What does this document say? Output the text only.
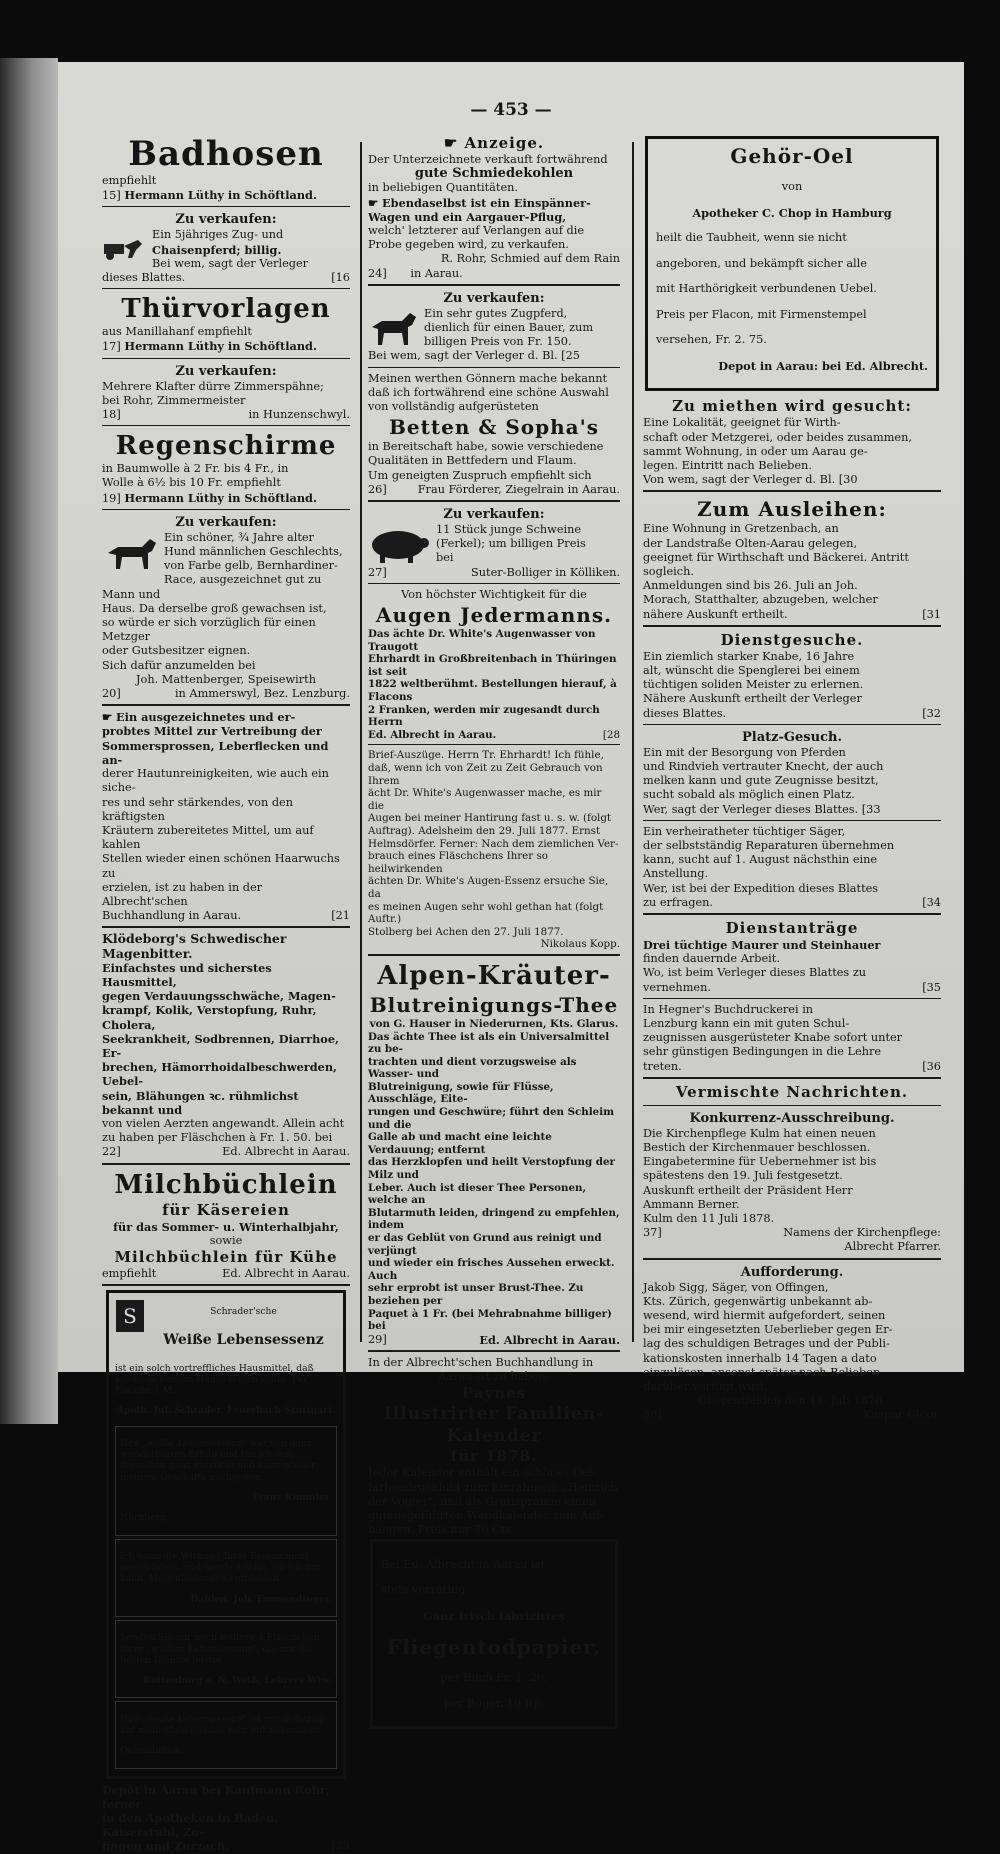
— 453 —
Badhosen

empfiehlt

15] Hermann Lüthy in Schöftland.

Zu verkaufen:

Ein 5jähriges Zug- und

Chaisenpferd; billig.

Bei wem, sagt der Verleger

dieses Blattes.	[16

Thürvorlagen

aus Manillahanf empfiehlt

17] Hermann Lüthy in Schöftland.

Zu verkaufen:

Mehrere Klafter dürre Zimmerspähne;

bei Rohr, Zimmermeister

18]	in Hunzenschwyl.

Regenschirme

in Baumwolle à 2 Fr. bis 4 Fr., in

Wolle à 6½ bis 10 Fr. empfiehlt

19] Hermann Lüthy in Schöftland.

Zu verkaufen:

Ein schöner, ¾ Jahre alter

Hund männlichen Geschlechts,

von Farbe gelb, Bernhardiner-

Race, ausgezeichnet gut zu Mann und

Haus. Da derselbe groß gewachsen ist,

so würde er sich vorzüglich für einen Metzger

oder Gutsbesitzer eignen.

Sich dafür anzumelden bei

Joh. Mattenberger, Speisewirth

20]	in Ammerswyl, Bez. Lenzburg.

☛ Ein ausgezeichnetes und er-

probtes Mittel zur Vertreibung der

Sommersprossen, Leberflecken und an-

derer Hautunreinigkeiten, wie auch ein siche-

res und sehr stärkendes, von den kräftigsten

Kräutern zubereitetes Mittel, um auf kahlen

Stellen wieder einen schönen Haarwuchs zu

erzielen, ist zu haben in der Albrecht'schen

Buchhandlung in Aarau.	[21

Klödeborg's Schwedischer Magenbitter.

Einfachstes und sicherstes Hausmittel,

gegen Verdauungsschwäche, Magen-

krampf, Kolik, Verstopfung, Ruhr, Cholera,

Seekrankheit, Sodbrennen, Diarrhoe, Er-

brechen, Hämorrhoidalbeschwerden, Uebel-

sein, Blähungen ꝛc. rühmlichst bekannt und

von vielen Aerzten angewandt. Allein acht

zu haben per Fläschchen à Fr. 1. 50. bei

22]	Ed. Albrecht in Aarau.

Milchbüchlein
für Käsereien

für das Sommer- u. Winterhalbjahr,

sowie

Milchbüchlein für Kühe

empfiehlt	Ed. Albrecht in Aarau.

S	Schrader'sche

Weiße Lebensessenz

ist ein solch vortreffliches Hausmittel, daß solche in keinem Hause fehlen sollte. Per Flasche 1 M.

Apoth. Jul. Schrader, Feuerbach-Stuttgart.

Ihre „weiße Lebensessenz" war von ganz wunderbarem Erfolg und bin ich von derselben ganz entzückt und kann wieder meinem Geschäfte nachgehen.

Franz Kimmler.

Nürnberg.

Ich kann die Wirkung Ihrer Essenz nicht genug loben, und werde solche, wo ich nur kann, Magenleidenden empfehlen.

Dahlen. Joh. Emmendinger.

Senden Sie mir noch weitere 4 Fläschchen Ihrer „weißen Lebensessenz", die mir die besten Dienste leistet.

Rottenburg a. N. Weiß, Lehrers Wtw.

Ihre „weiße Lebensessenz" ist mir in Bezug auf mein Magenleiden sehr gut bekommen.

Oelsnabrück.

Depôt in Aarau bei Kaufmann Rohr; ferner

in den Apotheken in Baden, Kaiserstuhl, Zo-

fingen und Zurzach.	[23

☛ Anzeige.

Der Unterzeichnete verkauft fortwährend

gute Schmiedekohlen

in beliebigen Quantitäten.

☛ Ebendaselbst ist ein Einspänner-

Wagen und ein Aargauer-Pflug,

welch' letzterer auf Verlangen auf die

Probe gegeben wird, zu verkaufen.

R. Rohr, Schmied auf dem Rain

24] in Aarau.

Zu verkaufen:

Ein sehr gutes Zugpferd,

dienlich für einen Bauer, zum

billigen Preis von Fr. 150.

Bei wem, sagt der Verleger d. Bl. [25

Meinen werthen Gönnern mache bekannt

daß ich fortwährend eine schöne Auswahl

von vollständig aufgerüsteten

Betten & Sopha's

in Bereitschaft habe, sowie verschiedene

Qualitäten in Bettfedern und Flaum.

Um geneigten Zuspruch empfiehlt sich

26]	Frau Förderer, Ziegelrain in Aarau.

Zu verkaufen:

11 Stück junge Schweine

(Ferkel); um billigen Preis

bei

27]	Suter-Bolliger in Kölliken.

Von höchster Wichtigkeit für die

Augen Jedermanns.

Das ächte Dr. White's Augenwasser von Traugott

Ehrhardt in Großbreitenbach in Thüringen ist seit

1822 weltberühmt. Bestellungen hierauf, à Flacons

2 Franken, werden mir zugesandt durch Herrn

Ed. Albrecht in Aarau.	[28

Brief-Auszüge. Herrn Tr. Ehrhardt! Ich fühle,

daß, wenn ich von Zeit zu Zeit Gebrauch von Ihrem

ächt Dr. White's Augenwasser mache, es mir die

Augen bei meiner Hantirung fast u. s. w. (folgt

Auftrag). Adelsheim den 29. Juli 1877. Ernst

Helmsdörfer. Ferner: Nach dem ziemlichen Ver-

brauch eines Fläschchens Ihrer so heilwirkenden

ächten Dr. White's Augen-Essenz ersuche Sie, da

es meinen Augen sehr wohl gethan hat (folgt Auftr.)

Stolberg bei Achen den 27. Juli 1877.

Nikolaus Kopp.

Alpen-Kräuter-
Blutreinigungs-Thee

von G. Hauser in Niederurnen, Kts. Glarus.

Das ächte Thee ist als ein Universalmittel zu be-

trachten und dient vorzugsweise als Wasser- und

Blutreinigung, sowie für Flüsse, Ausschläge, Eite-

rungen und Geschwüre; führt den Schleim und die

Galle ab und macht eine leichte Verdauung; entfernt

das Herzklopfen und heilt Verstopfung der Milz und

Leber. Auch ist dieser Thee Personen, welche an

Blutarmuth leiden, dringend zu empfehlen, indem

er das Geblüt von Grund aus reinigt und verjüngt

und wieder ein frisches Aussehen erweckt. Auch

sehr erprobt ist unser Brust-Thee. Zu beziehen per

Paquet à 1 Fr. (bei Mehrabnahme billiger) bei

29]	Ed. Albrecht in Aarau.

In der Albrecht'schen Buchhandlung in

Aarau ist zu haben:

Paynes
Illustrirter Familien-Kalender
für 1878.

Jeder Kalender enthält ein schönes Oel-

farbendruckbild zum Einrahmen: „Heinrich

der Vogler", und als Gratisprämie einen

gutausgeführten Wandkalender zum Auf-

hängen. Preis nur 70 Cts.

Bei Ed. Albrecht in Aarau ist

stets vorräthig:

Ganz frisch fabrizirtes

Fliegentodpapier,

per Buch Fr. 1. 20,

per Bogen 10 Rp.

Gehör-Oel

von

Apotheker C. Chop in Hamburg

heilt die Taubheit, wenn sie nicht

angeboren, und bekämpft sicher alle

mit Harthörigkeit verbundenen Uebel.

Preis per Flacon, mit Firmenstempel

versehen, Fr. 2. 75.

Depot in Aarau: bei Ed. Albrecht.

Zu miethen wird gesucht:

Eine Lokalität, geeignet für Wirth-

schaft oder Metzgerei, oder beides zusammen,

sammt Wohnung, in oder um Aarau ge-

legen. Eintritt nach Belieben.

Von wem, sagt der Verleger d. Bl. [30

Zum Ausleihen:

Eine Wohnung in Gretzenbach, an

der Landstraße Olten-Aarau gelegen,

geeignet für Wirthschaft und Bäckerei. Antritt

sogleich.

Anmeldungen sind bis 26. Juli an Joh.

Morach, Statthalter, abzugeben, welcher

nähere Auskunft ertheilt.	[31

Dienstgesuche.

Ein ziemlich starker Knabe, 16 Jahre

alt, wünscht die Spenglerei bei einem

tüchtigen soliden Meister zu erlernen.

Nähere Auskunft ertheilt der Verleger

dieses Blattes.	[32

Platz-Gesuch.

Ein mit der Besorgung von Pferden

und Rindvieh vertrauter Knecht, der auch

melken kann und gute Zeugnisse besitzt,

sucht sobald als möglich einen Platz.

Wer, sagt der Verleger dieses Blattes. [33

Ein verheiratheter tüchtiger Säger,

der selbstständig Reparaturen übernehmen

kann, sucht auf 1. August nächsthin eine

Anstellung.

Wer, ist bei der Expedition dieses Blattes

zu erfragen.	[34

Dienstanträge

Drei tüchtige Maurer und Steinhauer

finden dauernde Arbeit.

Wo, ist beim Verleger dieses Blattes zu

vernehmen.	[35

In Hegner's Buchdruckerei in

Lenzburg kann ein mit guten Schul-

zeugnissen ausgerüsteter Knabe sofort unter

sehr günstigen Bedingungen in die Lehre

treten.	[36

Vermischte Nachrichten.
Konkurrenz-Ausschreibung.

Die Kirchenpflege Kulm hat einen neuen

Bestich der Kirchenmauer beschlossen.

Eingabetermine für Uebernehmer ist bis

spätestens den 19. Juli festgesetzt.

Auskunft ertheilt der Präsident Herr

Ammann Berner.

Kulm den 11 Juli 1878.

37]	Namens der Kirchenpflege:

Albrecht Pfarrer.

Aufforderung.

Jakob Sigg, Säger, von Offingen,

Kts. Zürich, gegenwärtig unbekannt ab-

wesend, wird hiermit aufgefordert, seinen

bei mir eingesetzten Ueberlieber gegen Er-

lag des schuldigen Betrages und der Publi-

kationskosten innerhalb 14 Tagen a dato

einzulösen, ansonst später nach Belieben

darüber verfügt wird.

Oberentfelden den 11. Juli 1878.

38]	Kaspar Gloor.
